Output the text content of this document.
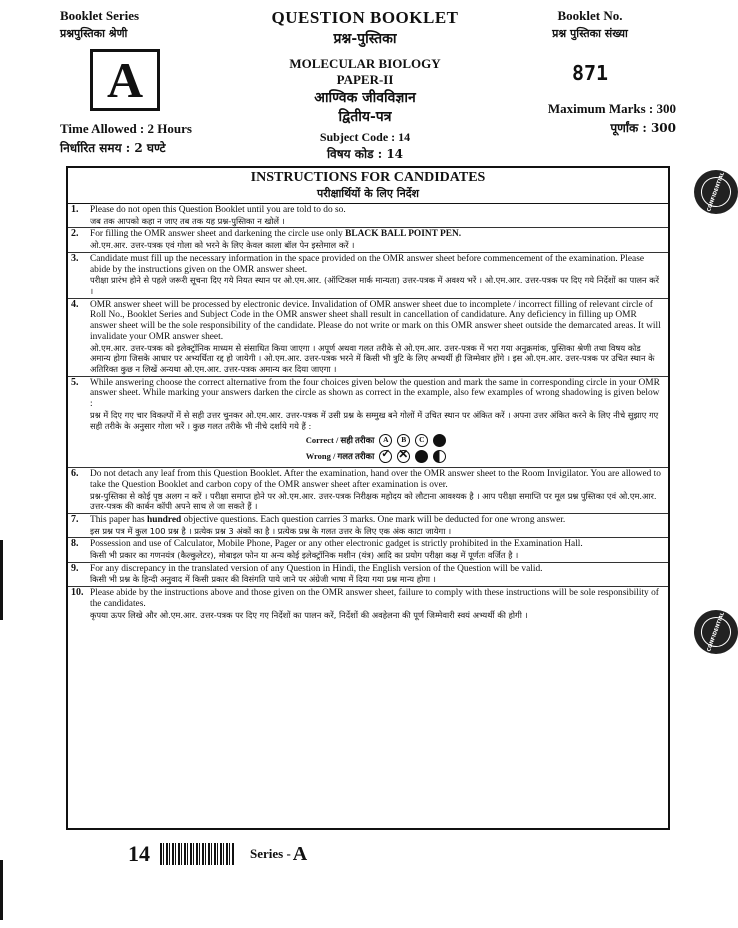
Booklet Series
प्रश्नपुस्तिका श्रेणी
A
Time Allowed : 2 Hours
निर्धारित समय : 2 घण्टे
QUESTION BOOKLET
प्रश्न-पुस्तिका
MOLECULAR BIOLOGY
PAPER-II
आण्विक जीवविज्ञान
द्वितीय-पत्र
Subject Code : 14
विषय कोड : 14
Booklet No.
प्रश्न पुस्तिका संख्या
871
Maximum Marks : 300
पूर्णांक : 300
INSTRUCTIONS FOR CANDIDATES
परीक्षार्थियों के लिए निर्देश
1. Please do not open this Question Booklet until you are told to do so.
जब तक आपको कहा न जाए तब तक यह प्रश्न-पुस्तिका न खोलें ।
2. For filling the OMR answer sheet and darkening the circle use only BLACK BALL POINT PEN.
ओ.एम.आर. उत्तर-पत्रक एवं गोला को भरने के लिए केवल काला बॉल पेन इस्तेमाल करें ।
3. Candidate must fill up the necessary information in the space provided on the OMR answer sheet before commencement of the examination. Please abide by the instructions given on the OMR answer sheet.
परीक्षा प्रारंभ होने से पहले जरूरी सूचना दिए गये नियत स्थान पर ओ.एम.आर. (ऑप्टिकल मार्क मान्यता) उत्तर-पत्रक में अवश्य भरें । ओ.एम.आर. उत्तर-पत्रक पर दिए गये निर्देशों का पालन करें ।
4. OMR answer sheet will be processed by electronic device. Invalidation of OMR answer sheet due to incomplete / incorrect filling of relevant circle of Roll No., Booklet Series and Subject Code in the OMR answer sheet shall result in cancellation of candidature. Any deficiency in filling up OMR answer sheet will be the sole responsibility of the candidate. Please do not write or mark on this OMR answer sheet outside the demarcated areas. It will invalidate your OMR answer sheet.
ओ.एम.आर. उत्तर-पत्रक को इलेक्ट्रॉनिक माध्यम से संसाधित किया जाएगा । अपूर्ण अथवा गलत तरीके से ओ.एम.आर. उत्तर-पत्रक में भरा गया अनुक्रमांक, पुस्तिका श्रेणी तथा विषय कोड अमान्य होगा जिसके आधार पर अभ्यर्थिता रद्द हो जायेगी । ओ.एम.आर. उत्तर-पत्रक भरने में किसी भी त्रुटि के लिए अभ्यर्थी ही जिम्मेवार होंगे । इस ओ.एम.आर. उत्तर-पत्रक पर उचित स्थान के अतिरिक्त कुछ न लिखें अन्यथा ओ.एम.आर. उत्तर-पत्रक अमान्य कर दिया जाएगा ।
5. While answering choose the correct alternative from the four choices given below the question and mark the same in corresponding circle in your OMR answer sheet. While marking your answers darken the circle as shown as correct in the example, also few examples of wrong shadowing is given below :
प्रश्न में दिए गए चार विकल्पों में से सही उत्तर चुनकर ओ.एम.आर. उत्तर-पत्रक में उसी प्रश्न के सम्मुख बने गोलों में उचित स्थान पर अंकित करें । अपना उत्तर अंकित करने के लिए नीचे सुझाए गए सही तरीके के अनुसार गोला भरें । कुछ गलत तरीके भी नीचे दर्शाये गये हैं :
Correct / सही तरीका	A	B	C
Wrong / गलत तरीका
✓
✕
6. Do not detach any leaf from this Question Booklet. After the examination, hand over the OMR answer sheet to the Room Invigilator. You are allowed to take the Question Booklet and carbon copy of the OMR answer sheet after examination is over.
प्रश्न-पुस्तिका से कोई पृष्ठ अलग न करें । परीक्षा समाप्त होने पर ओ.एम.आर. उत्तर-पत्रक निरीक्षक महोदय को लौटाना आवश्यक है । आप परीक्षा समाप्ति पर मूल प्रश्न पुस्तिका एवं ओ.एम.आर. उत्तर-पत्रक की कार्बन कॉपी अपने साथ ले जा सकते हैं ।
7. This paper has hundred objective questions. Each question carries 3 marks. One mark will be deducted for one wrong answer.
इस प्रश्न पत्र में कुल 100 प्रश्न है । प्रत्येक प्रश्न 3 अंकों का है । प्रत्येक प्रश्न के गलत उत्तर के लिए एक अंक काटा जायेगा ।
8. Possession and use of Calculator, Mobile Phone, Pager or any other electronic gadget is strictly prohibited in the Examination Hall.
किसी भी प्रकार का गणनयंत्र (कैल्कुलेटर), मोबाइल फोन या अन्य कोई इलेक्ट्रॉनिक मशीन (यंत्र) आदि का प्रयोग परीक्षा कक्ष में पूर्णतः वर्जित है ।
9. For any discrepancy in the translated version of any Question in Hindi, the English version of the Question will be valid.
किसी भी प्रश्न के हिन्दी अनुवाद में किसी प्रकार की विसंगति पाये जाने पर अंग्रेजी भाषा में दिया गया प्रश्न मान्य होगा ।
10. Please abide by the instructions above and those given on the OMR answer sheet, failure to comply with these instructions will be sole responsibility of the candidates.
कृपया ऊपर लिखे और ओ.एम.आर. उत्तर-पत्रक पर दिए गए निर्देशों का पालन करें, निर्देशों की अवहेलना की पूर्ण जिम्मेवारी स्वयं अभ्यर्थी की होगी ।
CONFIDENTIAL
CONFIDENTIAL
14	Series - A
